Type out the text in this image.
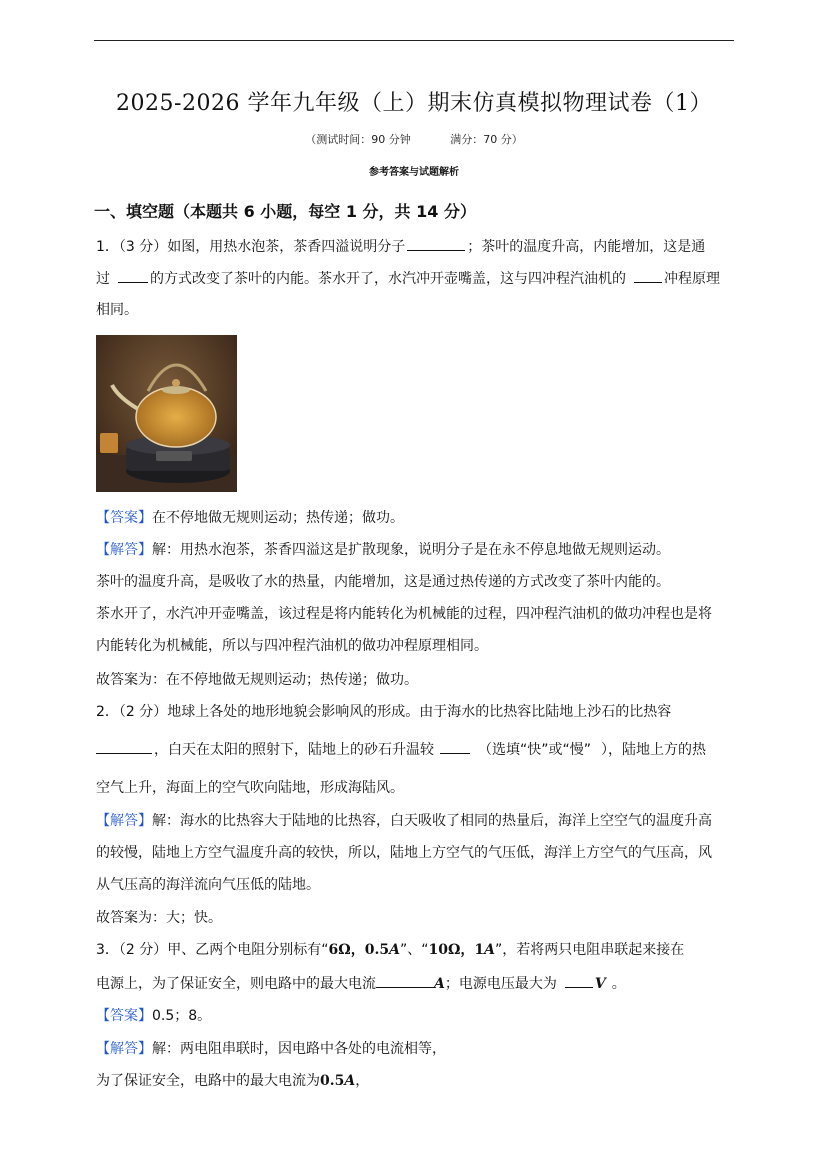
2025-2026 学年九年级（上）期末仿真模拟物理试卷（1）
（测试时间：90 分钟	满分：70 分）
参考答案与试题解析
一、填空题（本题共 6 小题，每空 1 分，共 14 分）
1．（3 分）如图，用热水泡茶，茶香四溢说明分子	；茶叶的温度升高，内能增加，这是通
过	的方式改变了茶叶的内能。茶水开了，水汽冲开壶嘴盖，这与四冲程汽油机的	冲程原理
相同。
【答案】在不停地做无规则运动；热传递；做功。
【解答】解：用热水泡茶，茶香四溢这是扩散现象，说明分子是在永不停息地做无规则运动。
茶叶的温度升高，是吸收了水的热量，内能增加，这是通过热传递的方式改变了茶叶内能的。
茶水开了，水汽冲开壶嘴盖，该过程是将内能转化为机械能的过程，四冲程汽油机的做功冲程也是将
内能转化为机械能，所以与四冲程汽油机的做功冲程原理相同。
故答案为：在不停地做无规则运动；热传递；做功。
2．（2 分）地球上各处的地形地貌会影响风的形成。由于海水的比热容比陆地上沙石的比热容
，白天在太阳的照射下，陆地上的砂石升温较	（选填“快”或“慢” ），陆地上方的热
空气上升，海面上的空气吹向陆地，形成海陆风。
【解答】解：海水的比热容大于陆地的比热容，白天吸收了相同的热量后，海洋上空空气的温度升高
的较慢，陆地上方空气温度升高的较快，所以，陆地上方空气的气压低，海洋上方空气的气压高，风
从气压高的海洋流向气压低的陆地。
故答案为：大；快。
3．（2 分）甲、乙两个电阻分别标有“6Ω，0.5A”、“10Ω，1A”，若将两只电阻串联起来接在
电源上，为了保证安全，则电路中的最大电流	A；电源电压最大为	V 。
【答案】0.5；8。
【解答】解：两电阻串联时，因电路中各处的电流相等，
为了保证安全，电路中的最大电流为0.5A，
